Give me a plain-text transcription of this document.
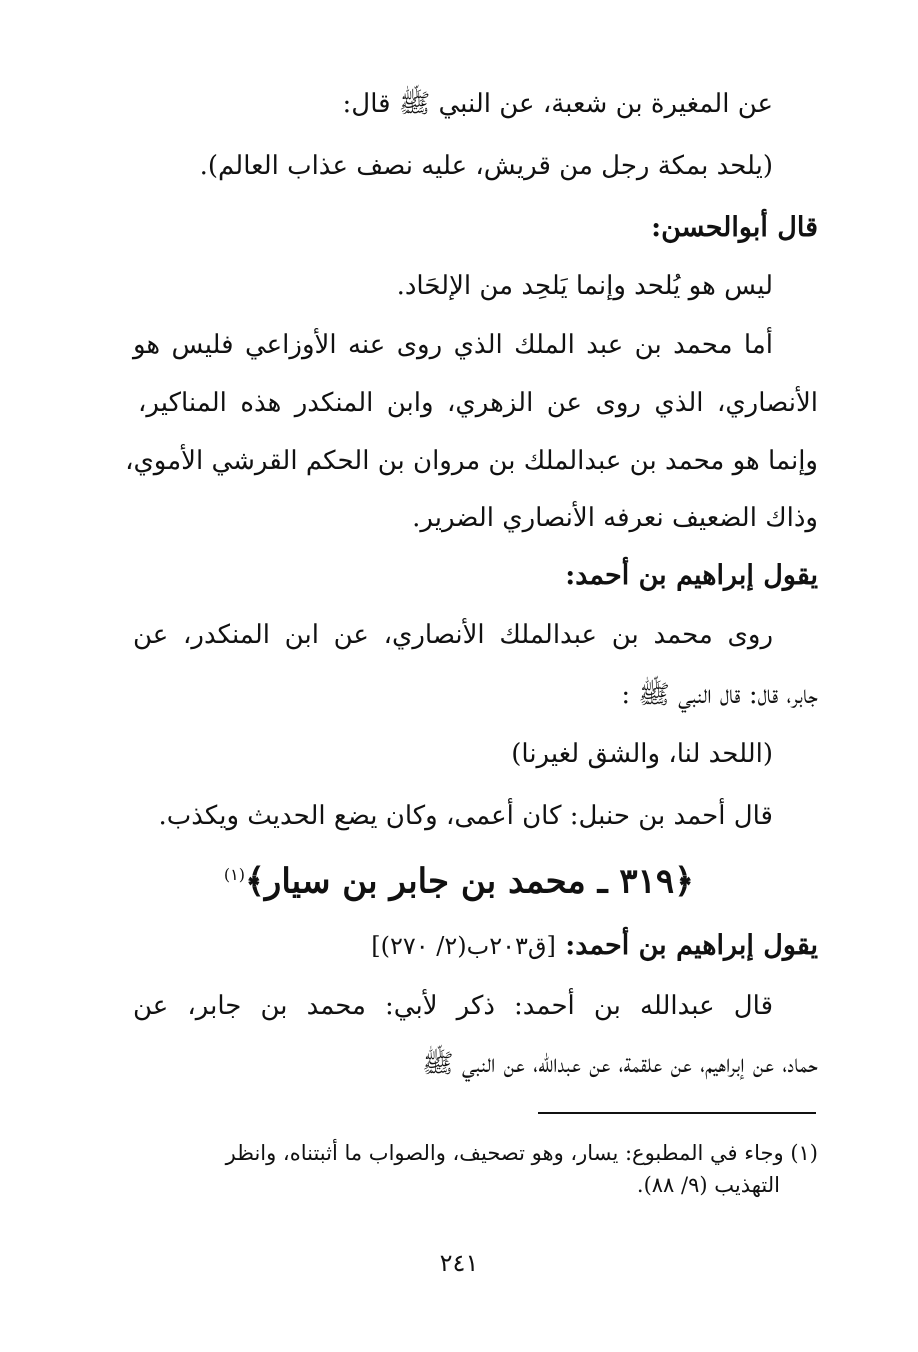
عن المغيرة بن شعبة، عن النبي ﷺ قال:
(يلحد بمكة رجل من قريش، عليه نصف عذاب العالم).
قال أبوالحسن:
ليس هو يُلحد وإنما يَلحِد من الإلحَاد.
أما محمد بن عبد الملك الذي روى عنه الأوزاعي فليس هو
الأنصاري، الذي روى عن الزهري، وابن المنكدر هذه المناكير،
وإنما هو محمد بن عبدالملك بن مروان بن الحكم القرشي الأموي،
وذاك الضعيف نعرفه الأنصاري الضرير.
يقول إبراهيم بن أحمد:
روى محمد بن عبدالملك الأنصاري، عن ابن المنكدر، عن
جابر، قال: قال النبي ﷺ :
(اللحد لنا، والشق لغيرنا)
قال أحمد بن حنبل: كان أعمى، وكان يضع الحديث ويكذب.
﴿٣١٩ ـ محمد بن جابر بن سيار﴾$^{(١)}$
يقول إبراهيم بن أحمد: [ق٢٠٣ب(٢/ ٢٧٠)]
قال عبدالله بن أحمد: ذكر لأبي: محمد بن جابر، عن
حماد، عن إبراهيم، عن علقمة، عن عبدالله، عن النبي ﷺ
(١) وجاء في المطبوع: يسار، وهو تصحيف، والصواب ما أثبتناه، وانظر
التهذيب (٩/ ٨٨).
٢٤١
